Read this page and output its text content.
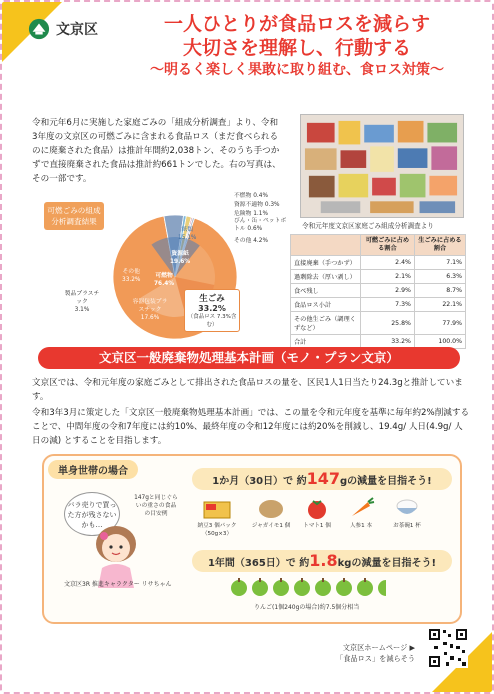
文京区	一人ひとりが食品ロスを減らす
大切さを理解し、行動する
〜明るく楽しく果敢に取り組む、食ロス対策〜

令和元年6月に実施した家庭ごみの「組成分析調査」より、令和3年度の文京区の可燃ごみに含まれる食品ロス（まだ食べられるのに廃棄された食品）は推計年間約2,038トン、そのうち手つかずで直接廃棄された食品は推計約661トンでした。右の写真は、その一部です。

可燃ごみの組成分析調査結果
不燃物 0.4%
資源不適物 0.3%
危険物 1.1%
びん・缶・ペットボトル 0.6%
その他 4.2%
紙類
15.1%
資源紙
19.6%
可燃物
76.4%
その他
33.2%
容器包装プラスチック
17.6%
製品プラスチック
3.1%
生ごみ
33.2%
（食品ロス 7.3%含む）
令和元年度文京区家庭ごみ組成分析調査より
	可燃ごみに占める割合	生ごみに占める割合
直接廃棄（手つかず）	2.4%	7.1%
過剰除去（厚い剥し）	2.1%	6.3%
食べ残し	2.9%	8.7%
食品ロス小計	7.3%	22.1%
その他生ごみ（調理くずなど）	25.8%	77.9%
合計	33.2%	100.0%
文京区一般廃棄物処理基本計画（モノ・プラン文京）

文京区では、令和元年度の家庭ごみとして排出された食品ロスの量を、区民1人1日当たり24.3gと推計しています。

令和3年3月に策定した「文京区一般廃棄物処理基本計画」では、この量を令和元年度を基準に毎年約2%削減することで、中間年度の令和7年度には約10%、最終年度の令和12年度には約20%を削減し、19.4g/ 人日(4.9g/ 人日の減) とすることを目指します。

単身世帯の場合
バラ売りで買った方が残さないかも…
147gと同じぐらいの重さの食品の目安例
文京区3R 推進キャラクター リサちゃん
1か月（30日）で 約147gの減量を目指そう!
納豆3 個パック（50g×3）
ジャガイモ1 個	トマト1 個	人参1 本	お茶碗1 杯
1年間（365日）で 約1.8kgの減量を目指そう!
りんご(1個240gの場合)約7.5個分相当
文京区ホームページ ▶
「食品ロス」を減らそう
